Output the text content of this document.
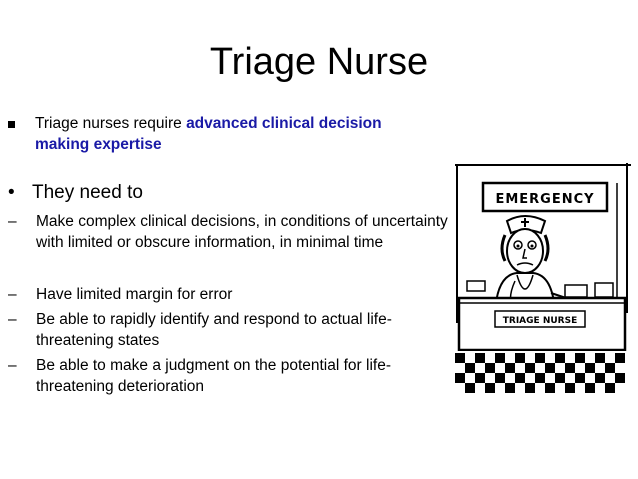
Triage Nurse
Triage nurses require advanced clinical decision making expertise
• They need to
–	Make complex clinical decisions, in conditions of uncertainty with limited or obscure information, in minimal time
–	Have limited margin for error
–	Be able to rapidly identify and respond to actual life-threatening states
–	Be able to make a judgment on the potential for life-threatening deterioration
EMERGENCY
TRIAGE NURSE
